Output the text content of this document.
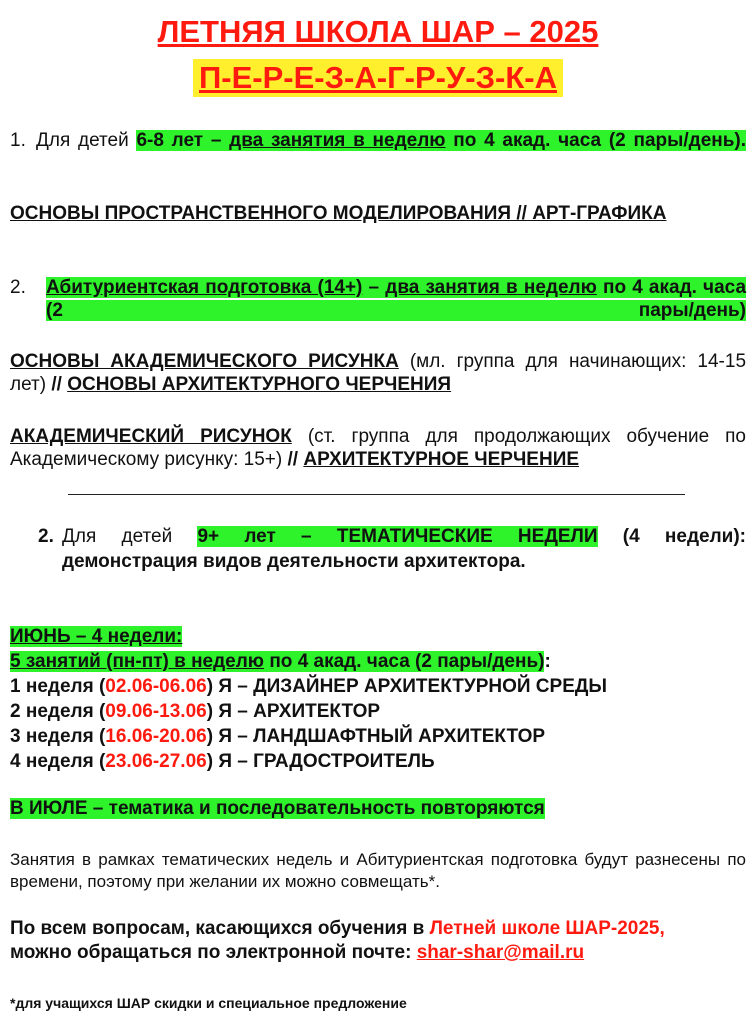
ЛЕТНЯЯ ШКОЛА ШАР – 2025
П-Е-Р-Е-З-А-Г-Р-У-З-К-А
1. Для детей 6-8 лет – два занятия в неделю по 4 акад. часа (2 пары/день).
ОСНОВЫ ПРОСТРАНСТВЕННОГО МОДЕЛИРОВАНИЯ // АРТ-ГРАФИКА
2. Абитуриентская подготовка (14+) – два занятия в неделю по 4 акад. часа (2 пары/день)
ОСНОВЫ АКАДЕМИЧЕСКОГО РИСУНКА (мл. группа для начинающих: 14-15 лет) // ОСНОВЫ АРХИТЕКТУРНОГО ЧЕРЧЕНИЯ
АКАДЕМИЧЕСКИЙ РИСУНОК (ст. группа для продолжающих обучение по Академическому рисунку: 15+) // АРХИТЕКТУРНОЕ ЧЕРЧЕНИЕ
2. Для детей 9+ лет – ТЕМАТИЧЕСКИЕ НЕДЕЛИ (4 недели):
демонстрация видов деятельности архитектора.
ИЮНЬ – 4 недели:
5 занятий (пн-пт) в неделю по 4 акад. часа (2 пары/день):
1 неделя (02.06-06.06) Я – ДИЗАЙНЕР АРХИТЕКТУРНОЙ СРЕДЫ
2 неделя (09.06-13.06) Я – АРХИТЕКТОР
3 неделя (16.06-20.06) Я – ЛАНДШАФТНЫЙ АРХИТЕКТОР
4 неделя (23.06-27.06) Я – ГРАДОСТРОИТЕЛЬ
В ИЮЛЕ – тематика и последовательность повторяются
Занятия в рамках тематических недель и Абитуриентская подготовка будут разнесены по времени, поэтому при желании их можно совмещать*.
По всем вопросам, касающихся обучения в Летней школе ШАР-2025,
можно обращаться по электронной почте: shar-shar@mail.ru
*для учащихся ШАР скидки и специальное предложение
